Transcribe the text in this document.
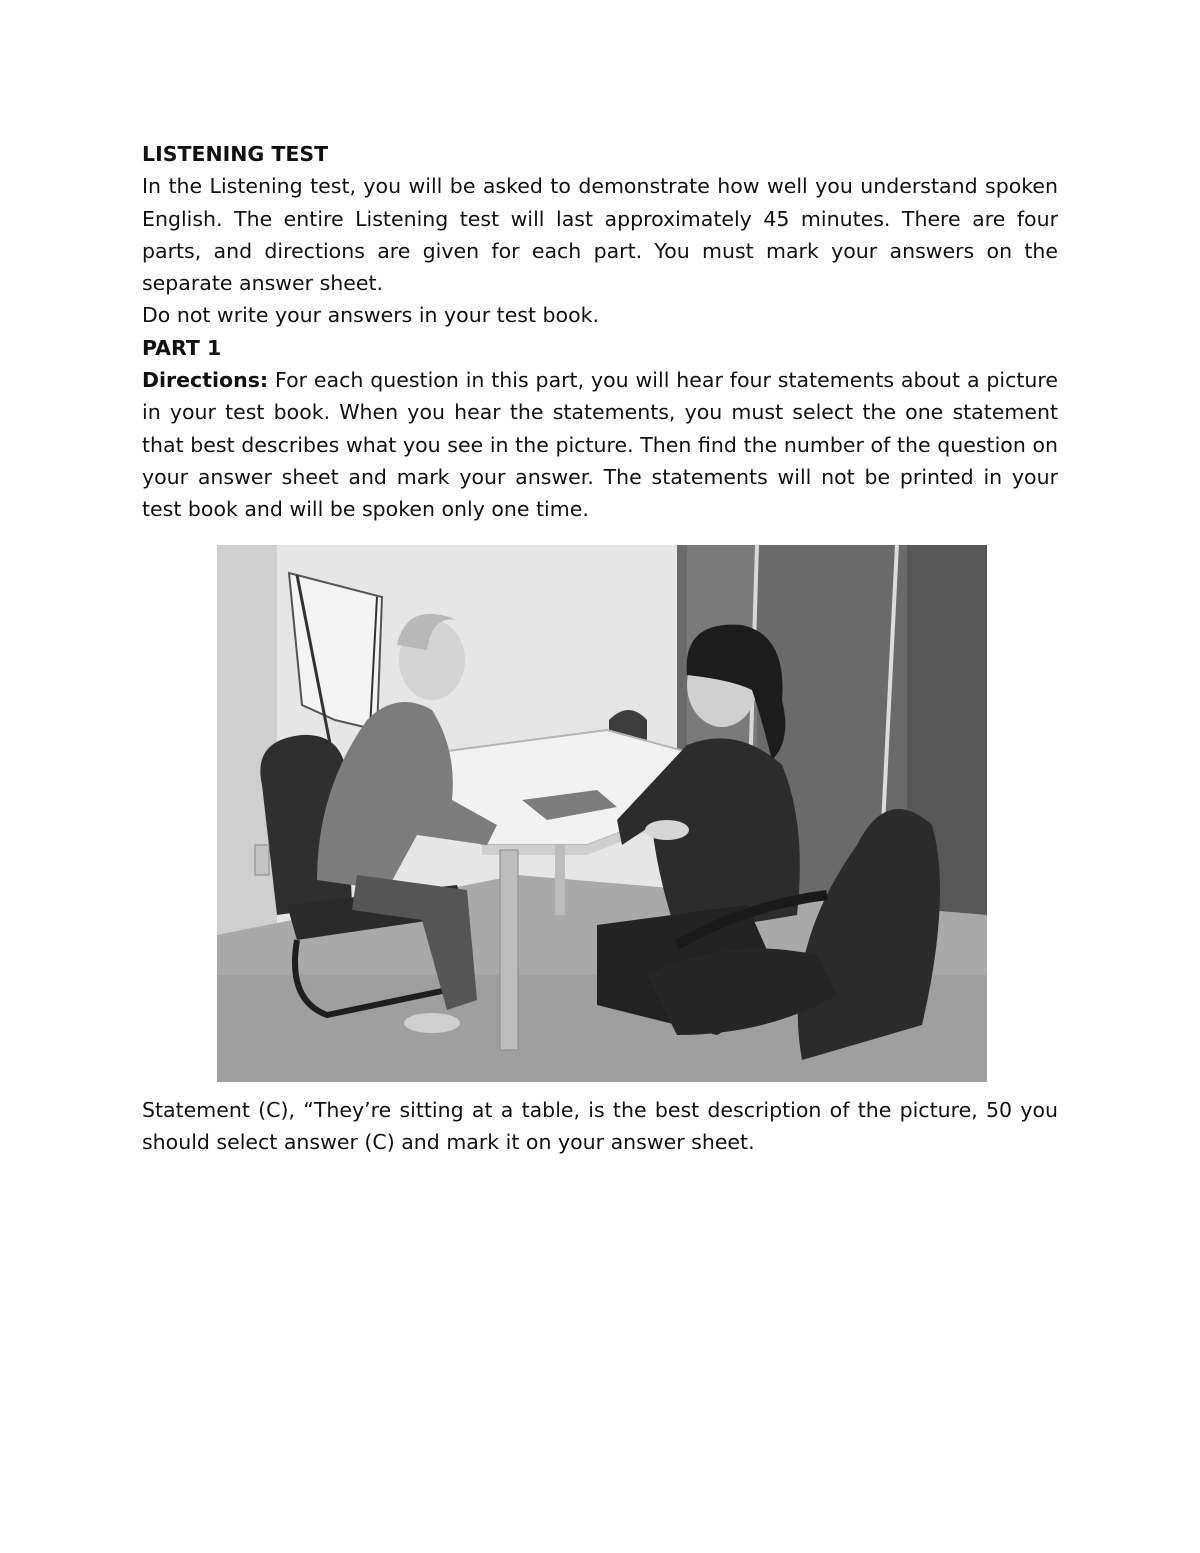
LISTENING TEST

In the Listening test, you will be asked to demonstrate how well you understand spoken English. The entire Listening test will last approximately 45 minutes. There are four parts, and directions are given for each part. You must mark your answers on the separate answer sheet.

Do not write your answers in your test book.

PART 1

Directions: For each question in this part, you will hear four statements about a picture in your test book. When you hear the statements, you must select the one statement that best describes what you see in the picture. Then find the number of the question on your answer sheet and mark your answer. The statements will not be printed in your test book and will be spoken only one time.

Statement (C), “They’re sitting at a table, is the best description of the picture, 50 you should select answer (C) and mark it on your answer sheet.
